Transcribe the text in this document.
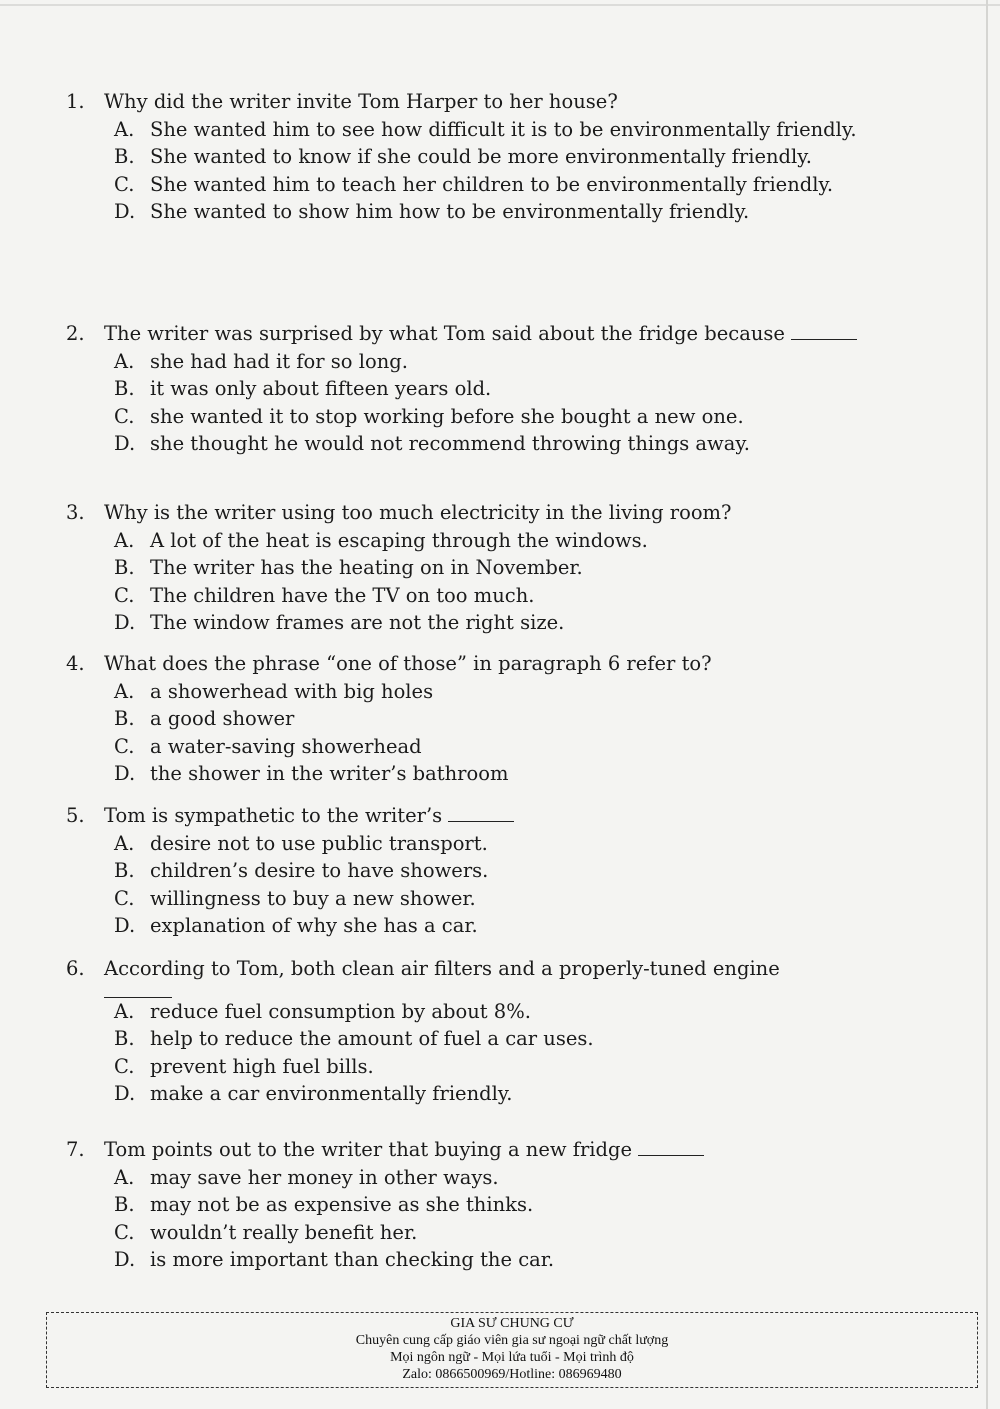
1. Why did the writer invite Tom Harper to her house?
A. She wanted him to see how difficult it is to be environmentally friendly.
B. She wanted to know if she could be more environmentally friendly.
C. She wanted him to teach her children to be environmentally friendly.
D. She wanted to show him how to be environmentally friendly.
2. The writer was surprised by what Tom said about the fridge because
A. she had had it for so long.
B. it was only about fifteen years old.
C. she wanted it to stop working before she bought a new one.
D. she thought he would not recommend throwing things away.
3. Why is the writer using too much electricity in the living room?
A. A lot of the heat is escaping through the windows.
B. The writer has the heating on in November.
C. The children have the TV on too much.
D. The window frames are not the right size.
4. What does the phrase “one of those” in paragraph 6 refer to?
A. a showerhead with big holes
B. a good shower
C. a water-saving showerhead
D. the shower in the writer’s bathroom
5. Tom is sympathetic to the writer’s
A. desire not to use public transport.
B. children’s desire to have showers.
C. willingness to buy a new shower.
D. explanation of why she has a car.
6. According to Tom, both clean air filters and a properly-tuned engine
A. reduce fuel consumption by about 8%.
B. help to reduce the amount of fuel a car uses.
C. prevent high fuel bills.
D. make a car environmentally friendly.
7. Tom points out to the writer that buying a new fridge
A. may save her money in other ways.
B. may not be as expensive as she thinks.
C. wouldn’t really benefit her.
D. is more important than checking the car.
GIA SƯ CHUNG CƯ
Chuyên cung cấp giáo viên gia sư ngoại ngữ chất lượng
Mọi ngôn ngữ - Mọi lứa tuổi - Mọi trình độ
Zalo: 0866500969/Hotline: 086969480
